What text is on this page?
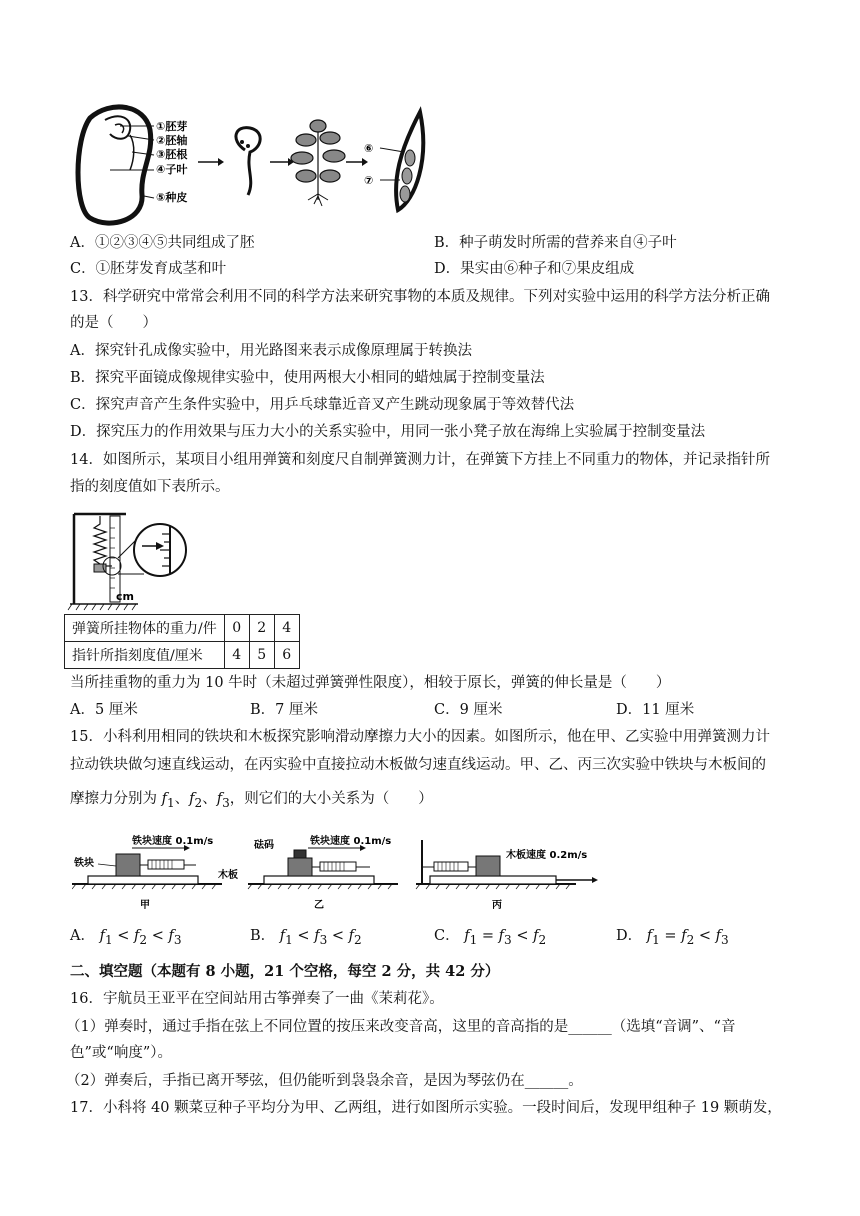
①胚芽
②胚轴
③胚根
④子叶
⑤种皮
⑥
⑦
A．①②③④⑤共同组成了胚	B．种子萌发时所需的营养来自④子叶
C．①胚芽发育成茎和叶	D．果实由⑥种子和⑦果皮组成
13．科学研究中常常会利用不同的科学方法来研究事物的本质及规律。下列对实验中运用的科学方法分析正确
的是（　　）
A．探究针孔成像实验中，用光路图来表示成像原理属于转换法
B．探究平面镜成像规律实验中，使用两根大小相同的蜡烛属于控制变量法
C．探究声音产生条件实验中，用乒乓球靠近音叉产生跳动现象属于等效替代法
D．探究压力的作用效果与压力大小的关系实验中，用同一张小凳子放在海绵上实验属于控制变量法
14．如图所示，某项目小组用弹簧和刻度尺自制弹簧测力计，在弹簧下方挂上不同重力的物体，并记录指针所
指的刻度值如下表所示。
cm
弹簧所挂物体的重力/件	0	2	4
指针所指刻度值/厘米	4	5	6
当所挂重物的重力为 10 牛时（未超过弹簧弹性限度），相较于原长，弹簧的伸长量是（　　）
A．5 厘米	B．7 厘米	C．9 厘米	D．11 厘米
15．小科利用相同的铁块和木板探究影响滑动摩擦力大小的因素。如图所示，他在甲、乙实验中用弹簧测力计
拉动铁块做匀速直线运动，在丙实验中直接拉动木板做匀速直线运动。甲、乙、丙三次实验中铁块与木板间的
摩擦力分别为 $f_1$、$f_2$、$f_3$，则它们的大小关系为（　　）
铁块
铁块速度 0.1m/s
木板
甲
砝码	铁块速度 0.1m/s
乙
木板速度 0.2m/s
丙
A． $f_1 < f_2 < f_3$	B． $f_1 < f_3 < f_2$	C． $f_1 = f_3 < f_2$	D． $f_1 = f_2 < f_3$
二、填空题（本题有 8 小题，21 个空格，每空 2 分，共 42 分）
16．宇航员王亚平在空间站用古筝弹奏了一曲《茉莉花》。
（1）弹奏时，通过手指在弦上不同位置的按压来改变音高，这里的音高指的是______（选填“音调”、“音
色”或“响度”）。
（2）弹奏后，手指已离开琴弦，但仍能听到袅袅余音，是因为琴弦仍在______。
17．小科将 40 颗菜豆种子平均分为甲、乙两组，进行如图所示实验。一段时间后，发现甲组种子 19 颗萌发，
